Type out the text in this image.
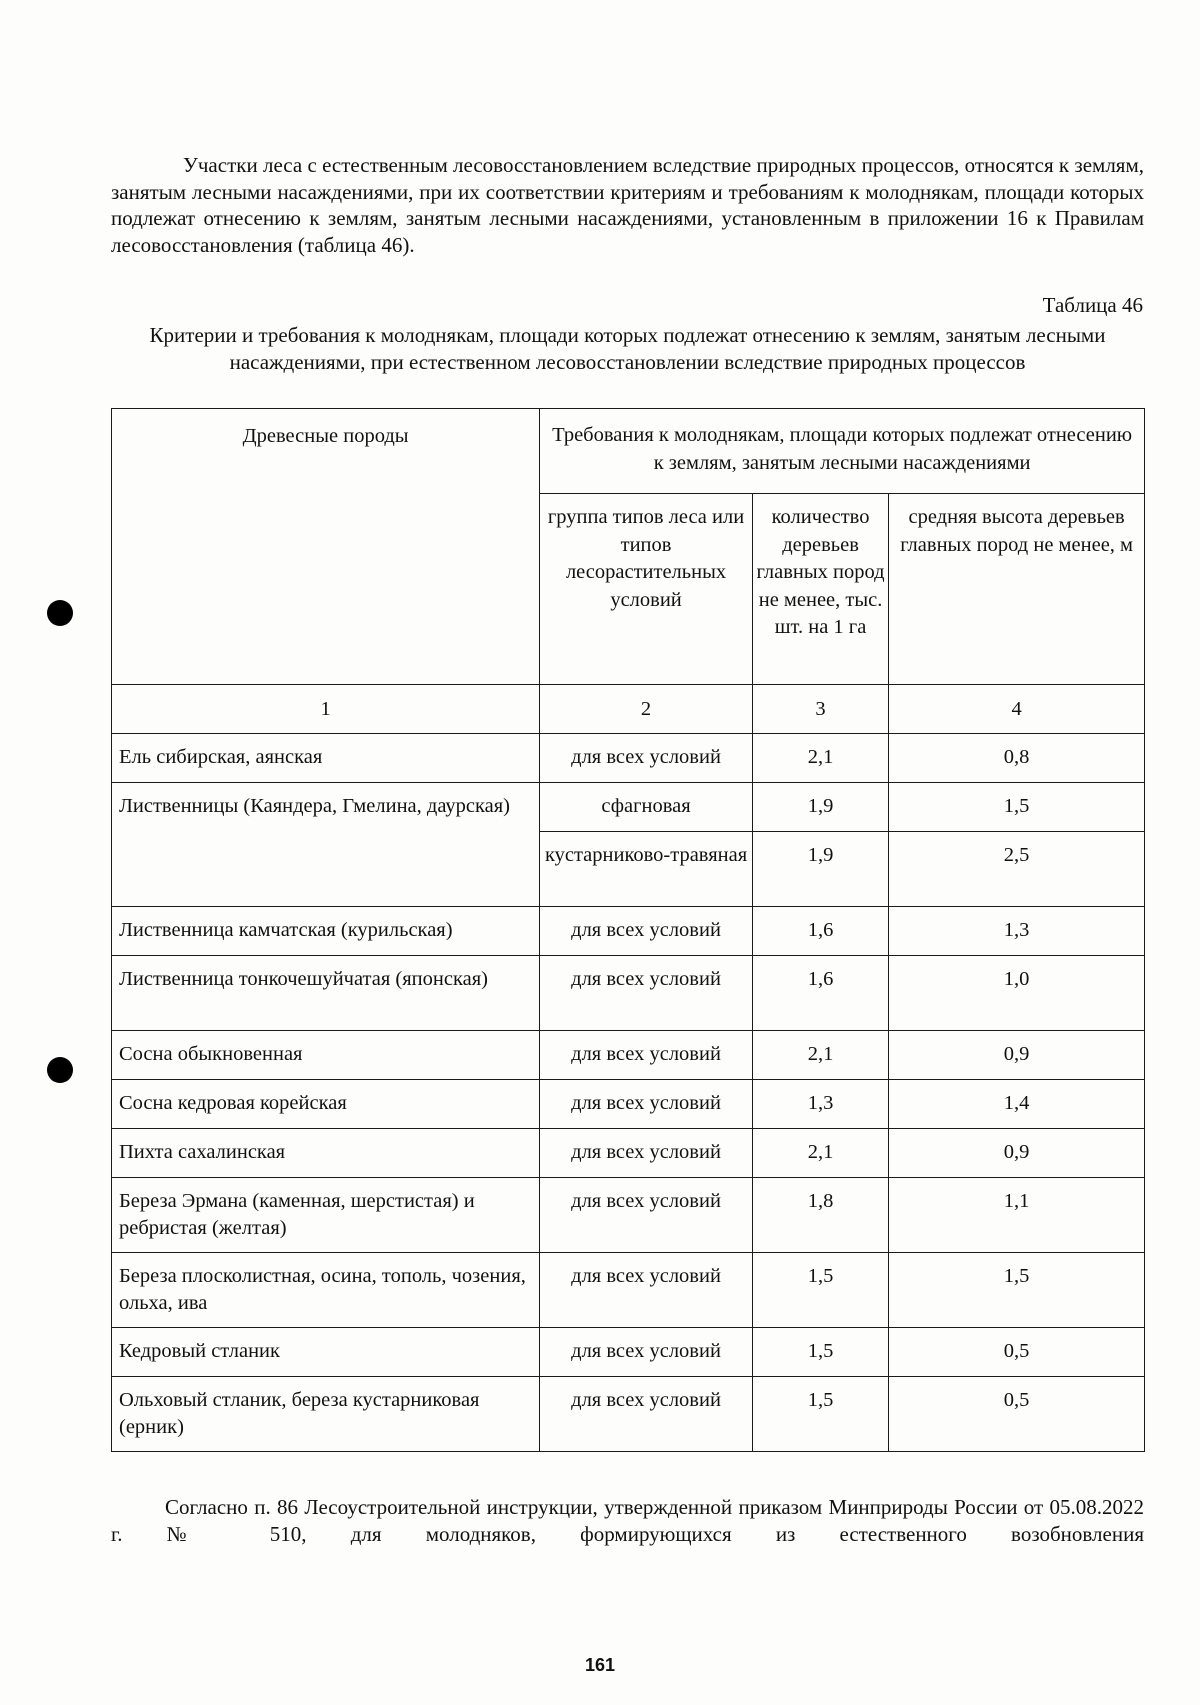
Участки леса с естественным лесовосстановлением вследствие природных процессов, относятся к землям, занятым лесными насаждениями, при их соответствии критериям и требованиям к молоднякам, площади которых подлежат отнесению к землям, занятым лесными насаждениями, установленным в приложении 16 к Правилам лесовосстановления (таблица 46).

Таблица 46

Критерии и требования к молоднякам, площади которых подлежат отнесению к землям, занятым лесными насаждениями, при естественном лесовосстановлении вследствие природных процессов

Древесные породы	Требования к молоднякам, площади которых подлежат отнесению к землям, занятым лесными насаждениями		
	группа типов леса или типов лесорастительных условий	количество деревьев главных пород не менее, тыс. шт. на 1 га	средняя высота деревьев главных пород не менее, м
1	2	3	4
Ель сибирская, аянская	для всех условий	2,1	0,8
Лиственницы (Каяндера, Гмелина, даурская)	сфагновая	1,9	1,5
	кустарниково-травяная	1,9	2,5
Лиственница камчатская (курильская)	для всех условий	1,6	1,3
Лиственница тонкочешуйчатая (японская)	для всех условий	1,6	1,0
Сосна обыкновенная	для всех условий	2,1	0,9
Сосна кедровая корейская	для всех условий	1,3	1,4
Пихта сахалинская	для всех условий	2,1	0,9
Береза Эрмана (каменная, шерстистая) и ребристая (желтая)	для всех условий	1,8	1,1
Береза плосколистная, осина, тополь, чозения, ольха, ива	для всех условий	1,5	1,5
Кедровый стланик	для всех условий	1,5	0,5
Ольховый стланик, береза кустарниковая (ерник)	для всех условий	1,5	0,5

Согласно п. 86 Лесоустроительной инструкции, утвержденной приказом Минприроды России от 05.08.2022 г. № 510, для молодняков, формирующихся из естественного возобновления

161
